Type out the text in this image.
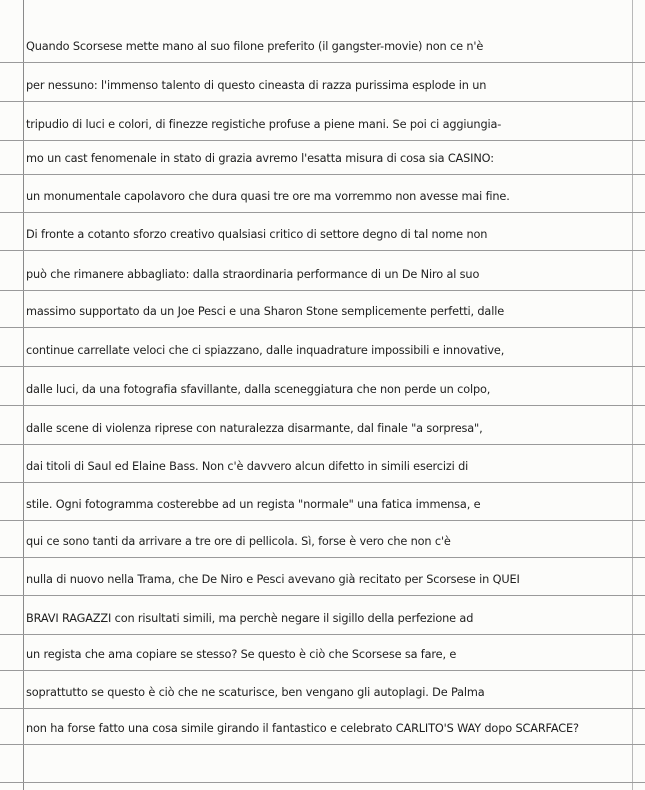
Quando Scorsese mette mano al suo filone preferito (il gangster-movie) non ce n'è
per nessuno: l'immenso talento di questo cineasta di razza purissima esplode in un
tripudio di luci e colori, di finezze registiche profuse a piene mani. Se poi ci aggiungia-
mo un cast fenomenale in stato di grazia avremo l'esatta misura di cosa sia CASINO:
un monumentale capolavoro che dura quasi tre ore ma vorremmo non avesse mai fine.
Di fronte a cotanto sforzo creativo qualsiasi critico di settore degno di tal nome non
può che rimanere abbagliato: dalla straordinaria performance di un De Niro al suo
massimo supportato da un Joe Pesci e una Sharon Stone semplicemente perfetti, dalle
continue carrellate veloci che ci spiazzano, dalle inquadrature impossibili e innovative,
dalle luci, da una fotografia sfavillante, dalla sceneggiatura che non perde un colpo,
dalle scene di violenza riprese con naturalezza disarmante, dal finale "a sorpresa",
dai titoli di Saul ed Elaine Bass. Non c'è davvero alcun difetto in simili esercizi di
stile. Ogni fotogramma costerebbe ad un regista "normale" una fatica immensa, e
qui ce sono tanti da arrivare a tre ore di pellicola. Sì, forse è vero che non c'è
nulla di nuovo nella Trama, che De Niro e Pesci avevano già recitato per Scorsese in QUEI
BRAVI RAGAZZI con risultati simili, ma perchè negare il sigillo della perfezione ad
un regista che ama copiare se stesso? Se questo è ciò che Scorsese sa fare, e
soprattutto se questo è ciò che ne scaturisce, ben vengano gli autoplagi. De Palma
non ha forse fatto una cosa simile girando il fantastico e celebrato CARLITO'S WAY dopo SCARFACE?
